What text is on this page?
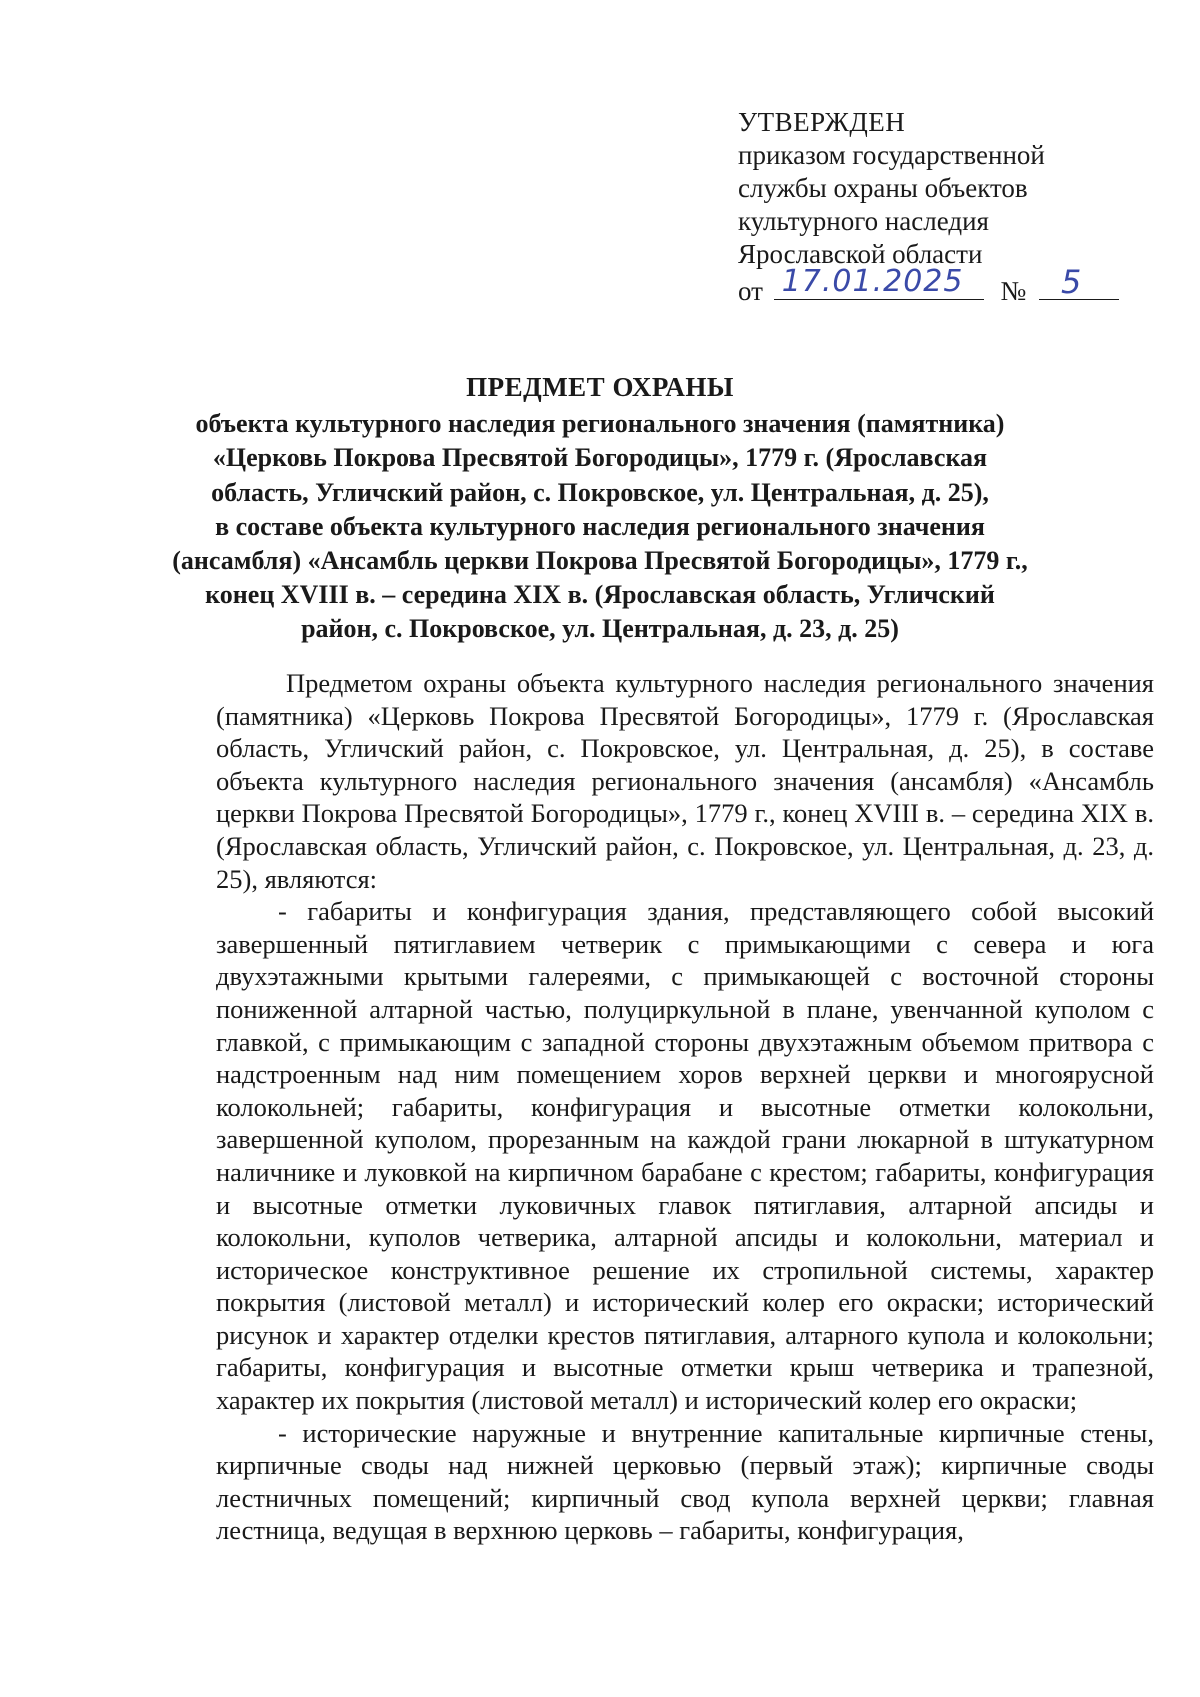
УТВЕРЖДЕН
приказом государственной
службы охраны объектов
культурного наследия
Ярославской области
от 17.01.2025 № 5
ПРЕДМЕТ ОХРАНЫ
объекта культурного наследия регионального значения (памятника)
«Церковь Покрова Пресвятой Богородицы», 1779 г. (Ярославская
область, Угличский район, с. Покровское, ул. Центральная, д. 25),
в составе объекта культурного наследия регионального значения
(ансамбля) «Ансамбль церкви Покрова Пресвятой Богородицы», 1779 г.,
конец XVIII в. – середина XIX в. (Ярославская область, Угличский
район, с. Покровское, ул. Центральная, д. 23, д. 25)

Предметом охраны объекта культурного наследия регионального значения (памятника) «Церковь Покрова Пресвятой Богородицы», 1779 г. (Ярославская область, Угличский район, с. Покровское, ул. Центральная, д. 25), в составе объекта культурного наследия регионального значения (ансамбля) «Ансамбль церкви Покрова Пресвятой Богородицы», 1779 г., конец XVIII в. – середина XIX в. (Ярославская область, Угличский район, с. Покровское, ул. Центральная, д. 23, д. 25), являются:

- габариты и конфигурация здания, представляющего собой высокий завершенный пятиглавием четверик с примыкающими с севера и юга двухэтажными крытыми галереями, с примыкающей с восточной стороны пониженной алтарной частью, полуциркульной в плане, увенчанной куполом с главкой, с примыкающим с западной стороны двухэтажным объемом притвора с надстроенным над ним помещением хоров верхней церкви и многоярусной колокольней; габариты, конфигурация и высотные отметки колокольни, завершенной куполом, прорезанным на каждой грани люкарной в штукатурном наличнике и луковкой на кирпичном барабане с крестом; габариты, конфигурация и высотные отметки луковичных главок пятиглавия, алтарной апсиды и колокольни, куполов четверика, алтарной апсиды и колокольни, материал и историческое конструктивное решение их стропильной системы, характер покрытия (листовой металл) и исторический колер его окраски; исторический рисунок и характер отделки крестов пятиглавия, алтарного купола и колокольни; габариты, конфигурация и высотные отметки крыш четверика и трапезной, характер их покрытия (листовой металл) и исторический колер его окраски;

- исторические наружные и внутренние капитальные кирпичные стены, кирпичные своды над нижней церковью (первый этаж); кирпичные своды лестничных помещений; кирпичный свод купола верхней церкви; главная лестница, ведущая в верхнюю церковь – габариты, конфигурация,
